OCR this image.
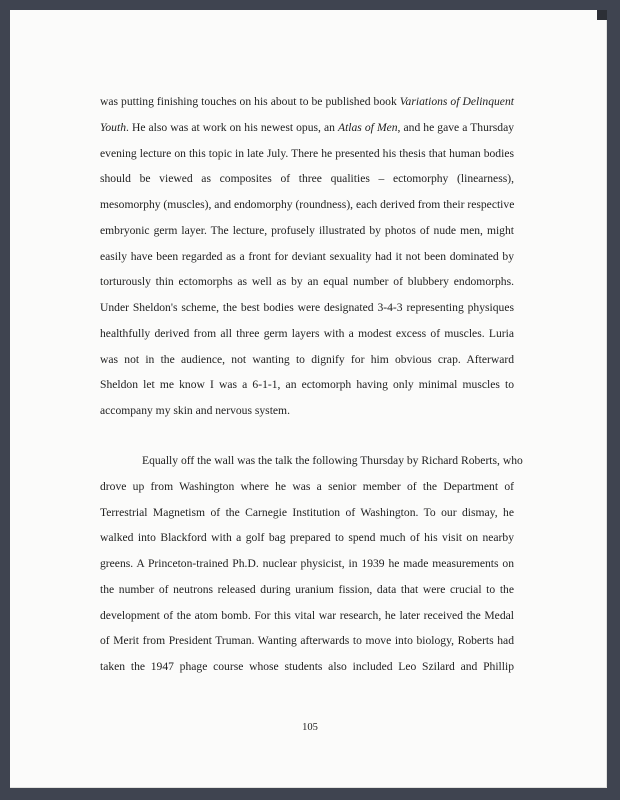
was putting finishing touches on his about to be published book Variations of Delinquent
Youth. He also was at work on his newest opus, an Atlas of Men, and he gave a Thursday
evening lecture on this topic in late July. There he presented his thesis that human bodies
should be viewed as composites of three qualities – ectomorphy (linearness),
mesomorphy (muscles), and endomorphy (roundness), each derived from their respective
embryonic germ layer. The lecture, profusely illustrated by photos of nude men, might
easily have been regarded as a front for deviant sexuality had it not been dominated by
torturously thin ectomorphs as well as by an equal number of blubbery endomorphs.
Under Sheldon's scheme, the best bodies were designated 3-4-3 representing physiques
healthfully derived from all three germ layers with a modest excess of muscles. Luria
was not in the audience, not wanting to dignify for him obvious crap. Afterward
Sheldon let me know I was a 6-1-1, an ectomorph having only minimal muscles to
accompany my skin and nervous system.
Equally off the wall was the talk the following Thursday by Richard Roberts, who
drove up from Washington where he was a senior member of the Department of
Terrestrial Magnetism of the Carnegie Institution of Washington. To our dismay, he
walked into Blackford with a golf bag prepared to spend much of his visit on nearby
greens. A Princeton-trained Ph.D. nuclear physicist, in 1939 he made measurements on
the number of neutrons released during uranium fission, data that were crucial to the
development of the atom bomb. For this vital war research, he later received the Medal
of Merit from President Truman. Wanting afterwards to move into biology, Roberts had
taken the 1947 phage course whose students also included Leo Szilard and Phillip
105
